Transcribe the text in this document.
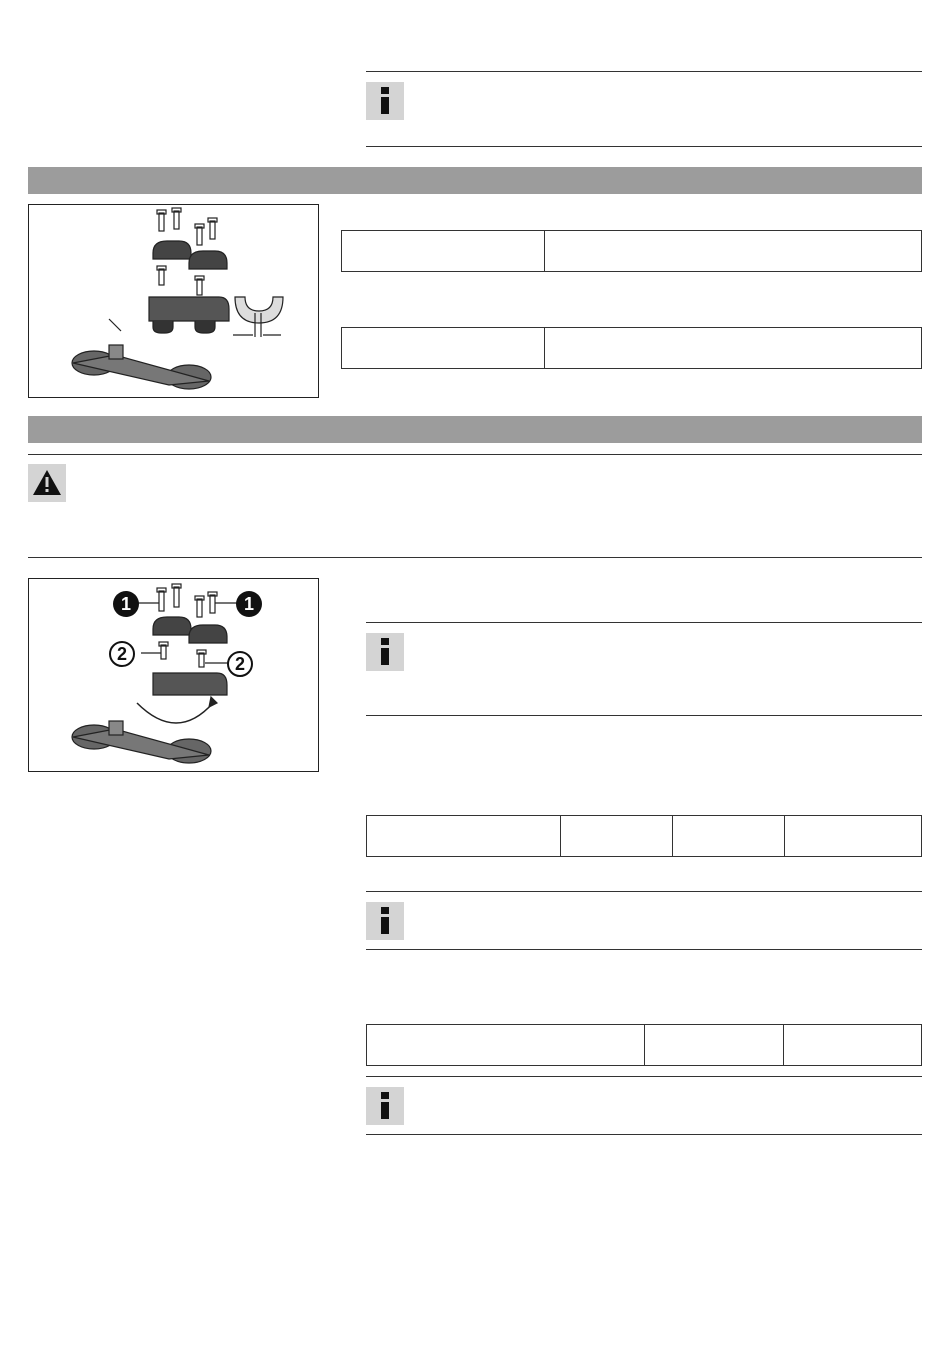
1	1
2	2
